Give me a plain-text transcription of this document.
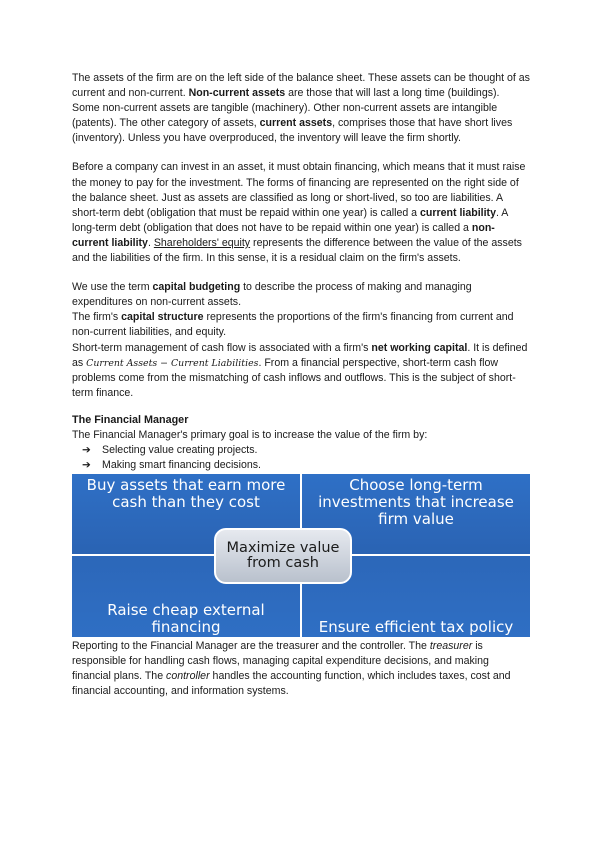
The assets of the firm are on the left side of the balance sheet. These assets can be thought of as current and non-current. Non-current assets are those that will last a long time (buildings). Some non-current assets are tangible (machinery). Other non-current assets are intangible (patents). The other category of assets, current assets, comprises those that have short lives (inventory). Unless you have overproduced, the inventory will leave the firm shortly.

Before a company can invest in an asset, it must obtain financing, which means that it must raise the money to pay for the investment. The forms of financing are represented on the right side of the balance sheet. Just as assets are classified as long or short-lived, so too are liabilities. A short-term debt (obligation that must be repaid within one year) is called a current liability. A long-term debt (obligation that does not have to be repaid within one year) is called a non-current liability. Shareholders' equity represents the difference between the value of the assets and the liabilities of the firm. In this sense, it is a residual claim on the firm's assets.

We use the term capital budgeting to describe the process of making and managing expenditures on non-current assets.

The firm's capital structure represents the proportions of the firm's financing from current and non-current liabilities, and equity.

Short-term management of cash flow is associated with a firm's net working capital. It is defined as Current Assets − Current Liabilities. From a financial perspective, short-term cash flow problems come from the mismatching of cash inflows and outflows. This is the subject of short-term finance.

The Financial Manager

The Financial Manager's primary goal is to increase the value of the firm by:

➔ Selecting value creating projects.
➔ Making smart financing decisions.
Buy assets that earn more cash than they cost
Choose long-term investments that increase firm value
Raise cheap external financing	Ensure efficient tax policy
Maximize value from cash

Reporting to the Financial Manager are the treasurer and the controller. The treasurer is responsible for handling cash flows, managing capital expenditure decisions, and making financial plans. The controller handles the accounting function, which includes taxes, cost and financial accounting, and information systems.
